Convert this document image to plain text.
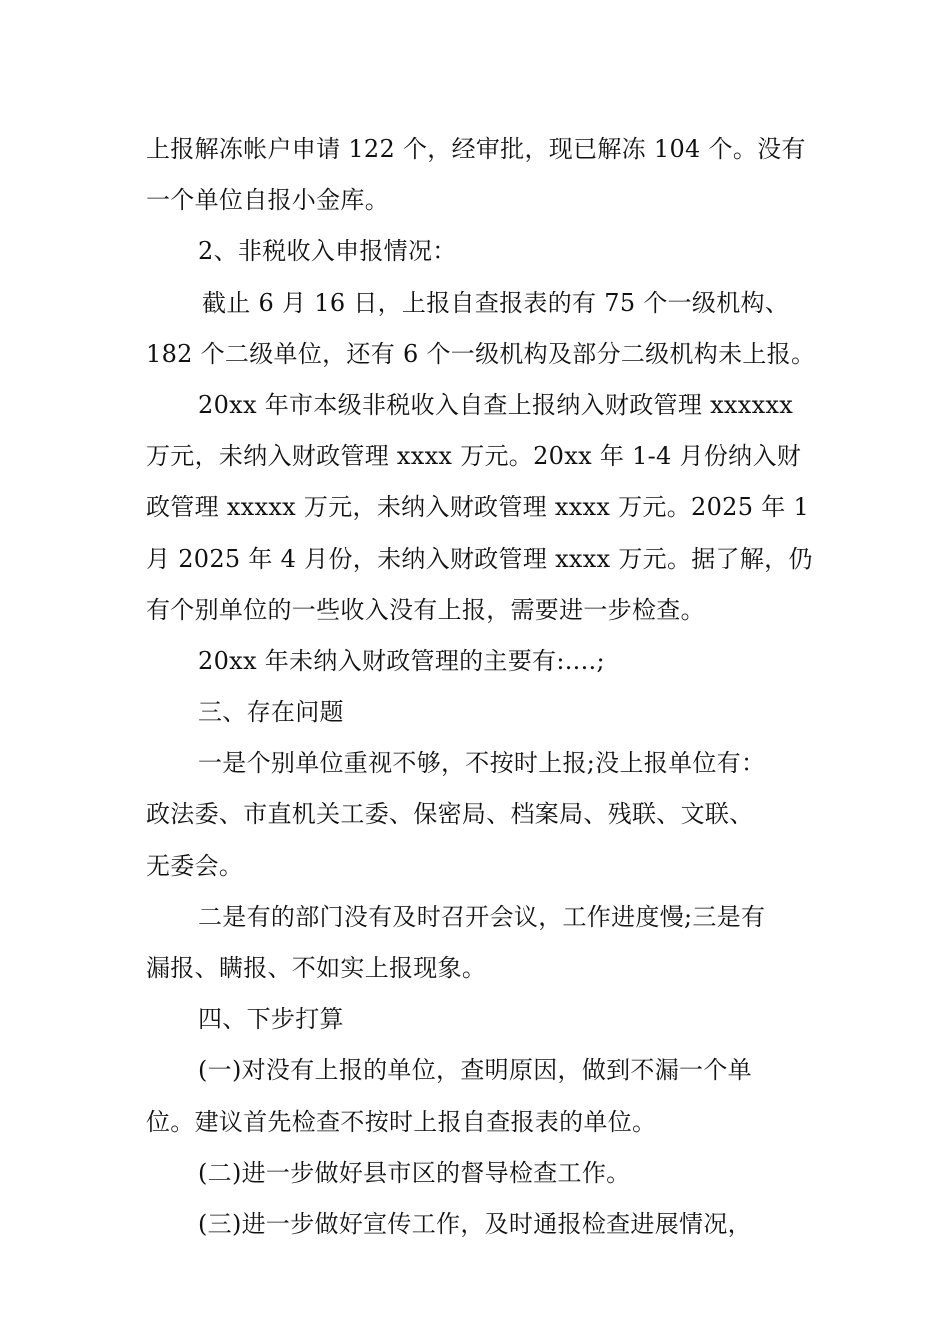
上报解冻帐户申请 122 个，经审批，现已解冻 104 个。没有
一个单位自报小金库。
2、非税收入申报情况：
截止 6 月 16 日，上报自查报表的有 75 个一级机构、
182 个二级单位，还有 6 个一级机构及部分二级机构未上报。
20xx 年市本级非税收入自查上报纳入财政管理 xxxxxx
万元，未纳入财政管理 xxxx 万元。20xx 年 1-4 月份纳入财
政管理 xxxxx 万元，未纳入财政管理 xxxx 万元。2025 年 1
月 2025 年 4 月份，未纳入财政管理 xxxx 万元。据了解，仍
有个别单位的一些收入没有上报，需要进一步检查。
20xx 年未纳入财政管理的主要有:....;
三、存在问题
一是个别单位重视不够，不按时上报;没上报单位有：
政法委、市直机关工委、保密局、档案局、残联、文联、
无委会。
二是有的部门没有及时召开会议，工作进度慢;三是有
漏报、瞒报、不如实上报现象。
四、下步打算
(一)对没有上报的单位，查明原因，做到不漏一个单
位。建议首先检查不按时上报自查报表的单位。
(二)进一步做好县市区的督导检查工作。
(三)进一步做好宣传工作，及时通报检查进展情况，
